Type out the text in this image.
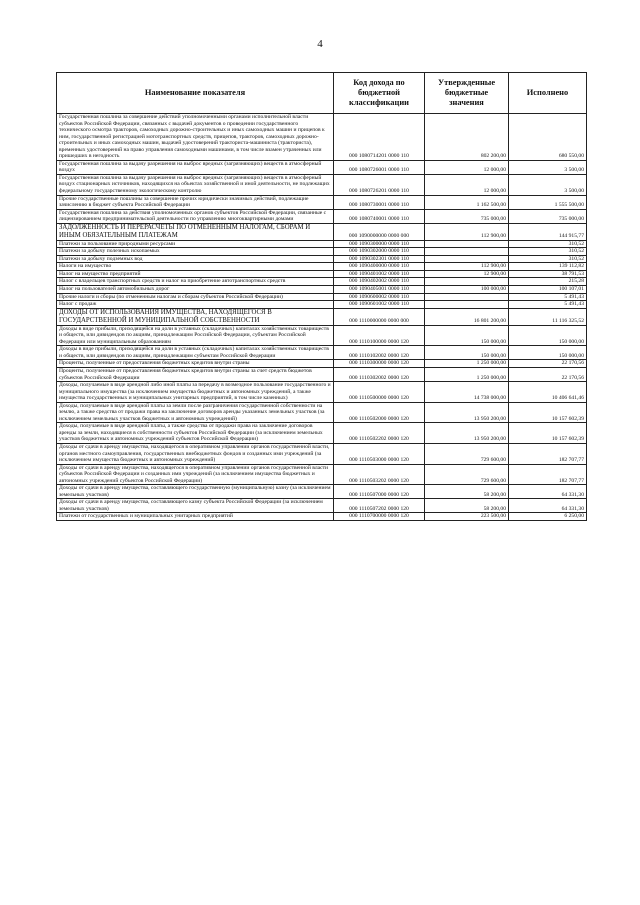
4
Наименование показателя	Код дохода по бюджетной классификации	Утвержденные бюджетные значения	Исполнено
Государственная пошлина за совершение действий уполномоченными органами исполнительной власти субъектов Российской Федерации, связанных с выдачей документов о проведении государственного технического осмотра тракторов, самоходных дорожно-строительных и иных самоходных машин и прицепов к ним, государственной регистрацией мототранспортных средств, прицепов, тракторов, самоходных дорожно-строительных и иных самоходных машин, выдачей удостоверений тракториста-машиниста (тракториста), временных удостоверений на право управления самоходными машинами, в том числе взамен утраченных или пришедших в негодность	000 1080714201 0000 110	802 200,00	680 550,00
Государственная пошлина за выдачу разрешения на выброс вредных (загрязняющих) веществ в атмосферный воздух	000 1080726001 0000 110	12 000,00	3 500,00
Государственная пошлина за выдачу разрешения на выброс вредных (загрязняющих) веществ в атмосферный воздух стационарных источников, находящихся на объектах хозяйственной и иной деятельности, не подлежащих федеральному государственному экологическому контролю	000 1080726201 0000 110	12 000,00	3 500,00
Прочие государственные пошлины за совершение прочих юридически значимых действий, подлежащие зачислению в бюджет субъекта Российской Федерации	000 1080730001 0000 110	1 162 500,00	1 555 500,00
Государственная пошлина за действия уполномоченных органов субъектов Российской Федерации, связанные с лицензированием предпринимательской деятельности по управлению многоквартирными домами	000 1080740001 0000 110	735 000,00	735 000,00
ЗАДОЛЖЕННОСТЬ И ПЕРЕРАСЧЕТЫ ПО ОТМЕНЕННЫМ НАЛОГАМ, СБОРАМ И ИНЫМ ОБЯЗАТЕЛЬНЫМ ПЛАТЕЖАМ	000 1090000000 0000 000	112 900,00	144 915,77
Платежи за пользование природными ресурсами	000 1090300000 0000 110		310,52
Платежи за добычу полезных ископаемых	000 1090302000 0000 110		310,52
Платежи за добычу подземных вод	000 1090302301 0000 110		310,52
Налоги на имущество	000 1090400000 0000 110	112 900,00	139 112,82
Налог на имущество предприятий	000 1090401002 0000 110	12 900,00	38 791,53
Налог с владельцев транспортных средств и налог на приобретение автотранспортных средств	000 1090402002 0000 110		215,28
Налог на пользователей автомобильных дорог	000 1090405001 0000 110	100 000,00	100 107,01
Прочие налоги и сборы (по отмененным налогам и сборам субъектов Российской Федерации)	000 1090600002 0000 110		5 491,43
Налог с продаж	000 1090601002 0000 110		5 491,43
ДОХОДЫ ОТ ИСПОЛЬЗОВАНИЯ ИМУЩЕСТВА, НАХОДЯЩЕГОСЯ В ГОСУДАРСТВЕННОЙ И МУНИЦИПАЛЬНОЙ СОБСТВЕННОСТИ	000 1110000000 0000 000	16 801 200,00	11 116 325,52
Доходы в виде прибыли, приходящейся на доли в уставных (складочных) капиталах хозяйственных товариществ и обществ, или дивидендов по акциям, принадлежащим Российской Федерации, субъектам Российской Федерации или муниципальным образованиям	000 1110100000 0000 120	150 000,00	150 000,00
Доходы в виде прибыли, приходящейся на доли в уставных (складочных) капиталах хозяйственных товариществ и обществ, или дивидендов по акциям, принадлежащим субъектам Российской Федерации	000 1110102002 0000 120	150 000,00	150 000,00
Проценты, полученные от предоставления бюджетных кредитов внутри страны	000 1110300000 0000 120	1 250 000,00	22 170,56
Проценты, полученные от предоставления бюджетных кредитов внутри страны за счет средств бюджетов субъектов Российской Федерации	000 1110302002 0000 120	1 250 000,00	22 170,56
Доходы, получаемые в виде арендной либо иной платы за передачу в возмездное пользование государственного и муниципального имущества (за исключением имущества бюджетных и автономных учреждений, а также имущества государственных и муниципальных унитарных предприятий, в том числе казенных)	000 1110500000 0000 120	14 738 000,00	10 406 641,46
Доходы, получаемые в виде арендной платы за земли после разграничения государственной собственности на землю, а также средства от продажи права на заключение договоров аренды указанных земельных участков (за исключением земельных участков бюджетных и автономных учреждений)	000 1110502000 0000 120	13 950 200,00	10 157 602,39
Доходы, получаемые в виде арендной платы, а также средства от продажи права на заключение договоров аренды за земли, находящиеся в собственности субъектов Российской Федерации (за исключением земельных участков бюджетных и автономных учреждений субъектов Российской Федерации)	000 1110502202 0000 120	13 950 200,00	10 157 602,39
Доходы от сдачи в аренду имущества, находящегося в оперативном управлении органов государственной власти, органов местного самоуправления, государственных внебюджетных фондов и созданных ими учреждений (за исключением имущества бюджетных и автономных учреждений)	000 1110503000 0000 120	729 600,00	182 707,77
Доходы от сдачи в аренду имущества, находящегося в оперативном управлении органов государственной власти субъектов Российской Федерации и созданных ими учреждений (за исключением имущества бюджетных и автономных учреждений субъектов Российской Федерации)	000 1110503202 0000 120	729 600,00	182 707,77
Доходы от сдачи в аренду имущества, составляющего государственную (муниципальную) казну (за исключением земельных участков)	000 1110507000 0000 120	58 200,00	64 331,30
Доходы от сдачи в аренду имущества, составляющего казну субъекта Российской Федерации (за исключением земельных участков)	000 1110507202 0000 120	58 200,00	64 331,30
Платежи от государственных и муниципальных унитарных предприятий	000 1110700000 0000 120	223 500,00	6 250,00
